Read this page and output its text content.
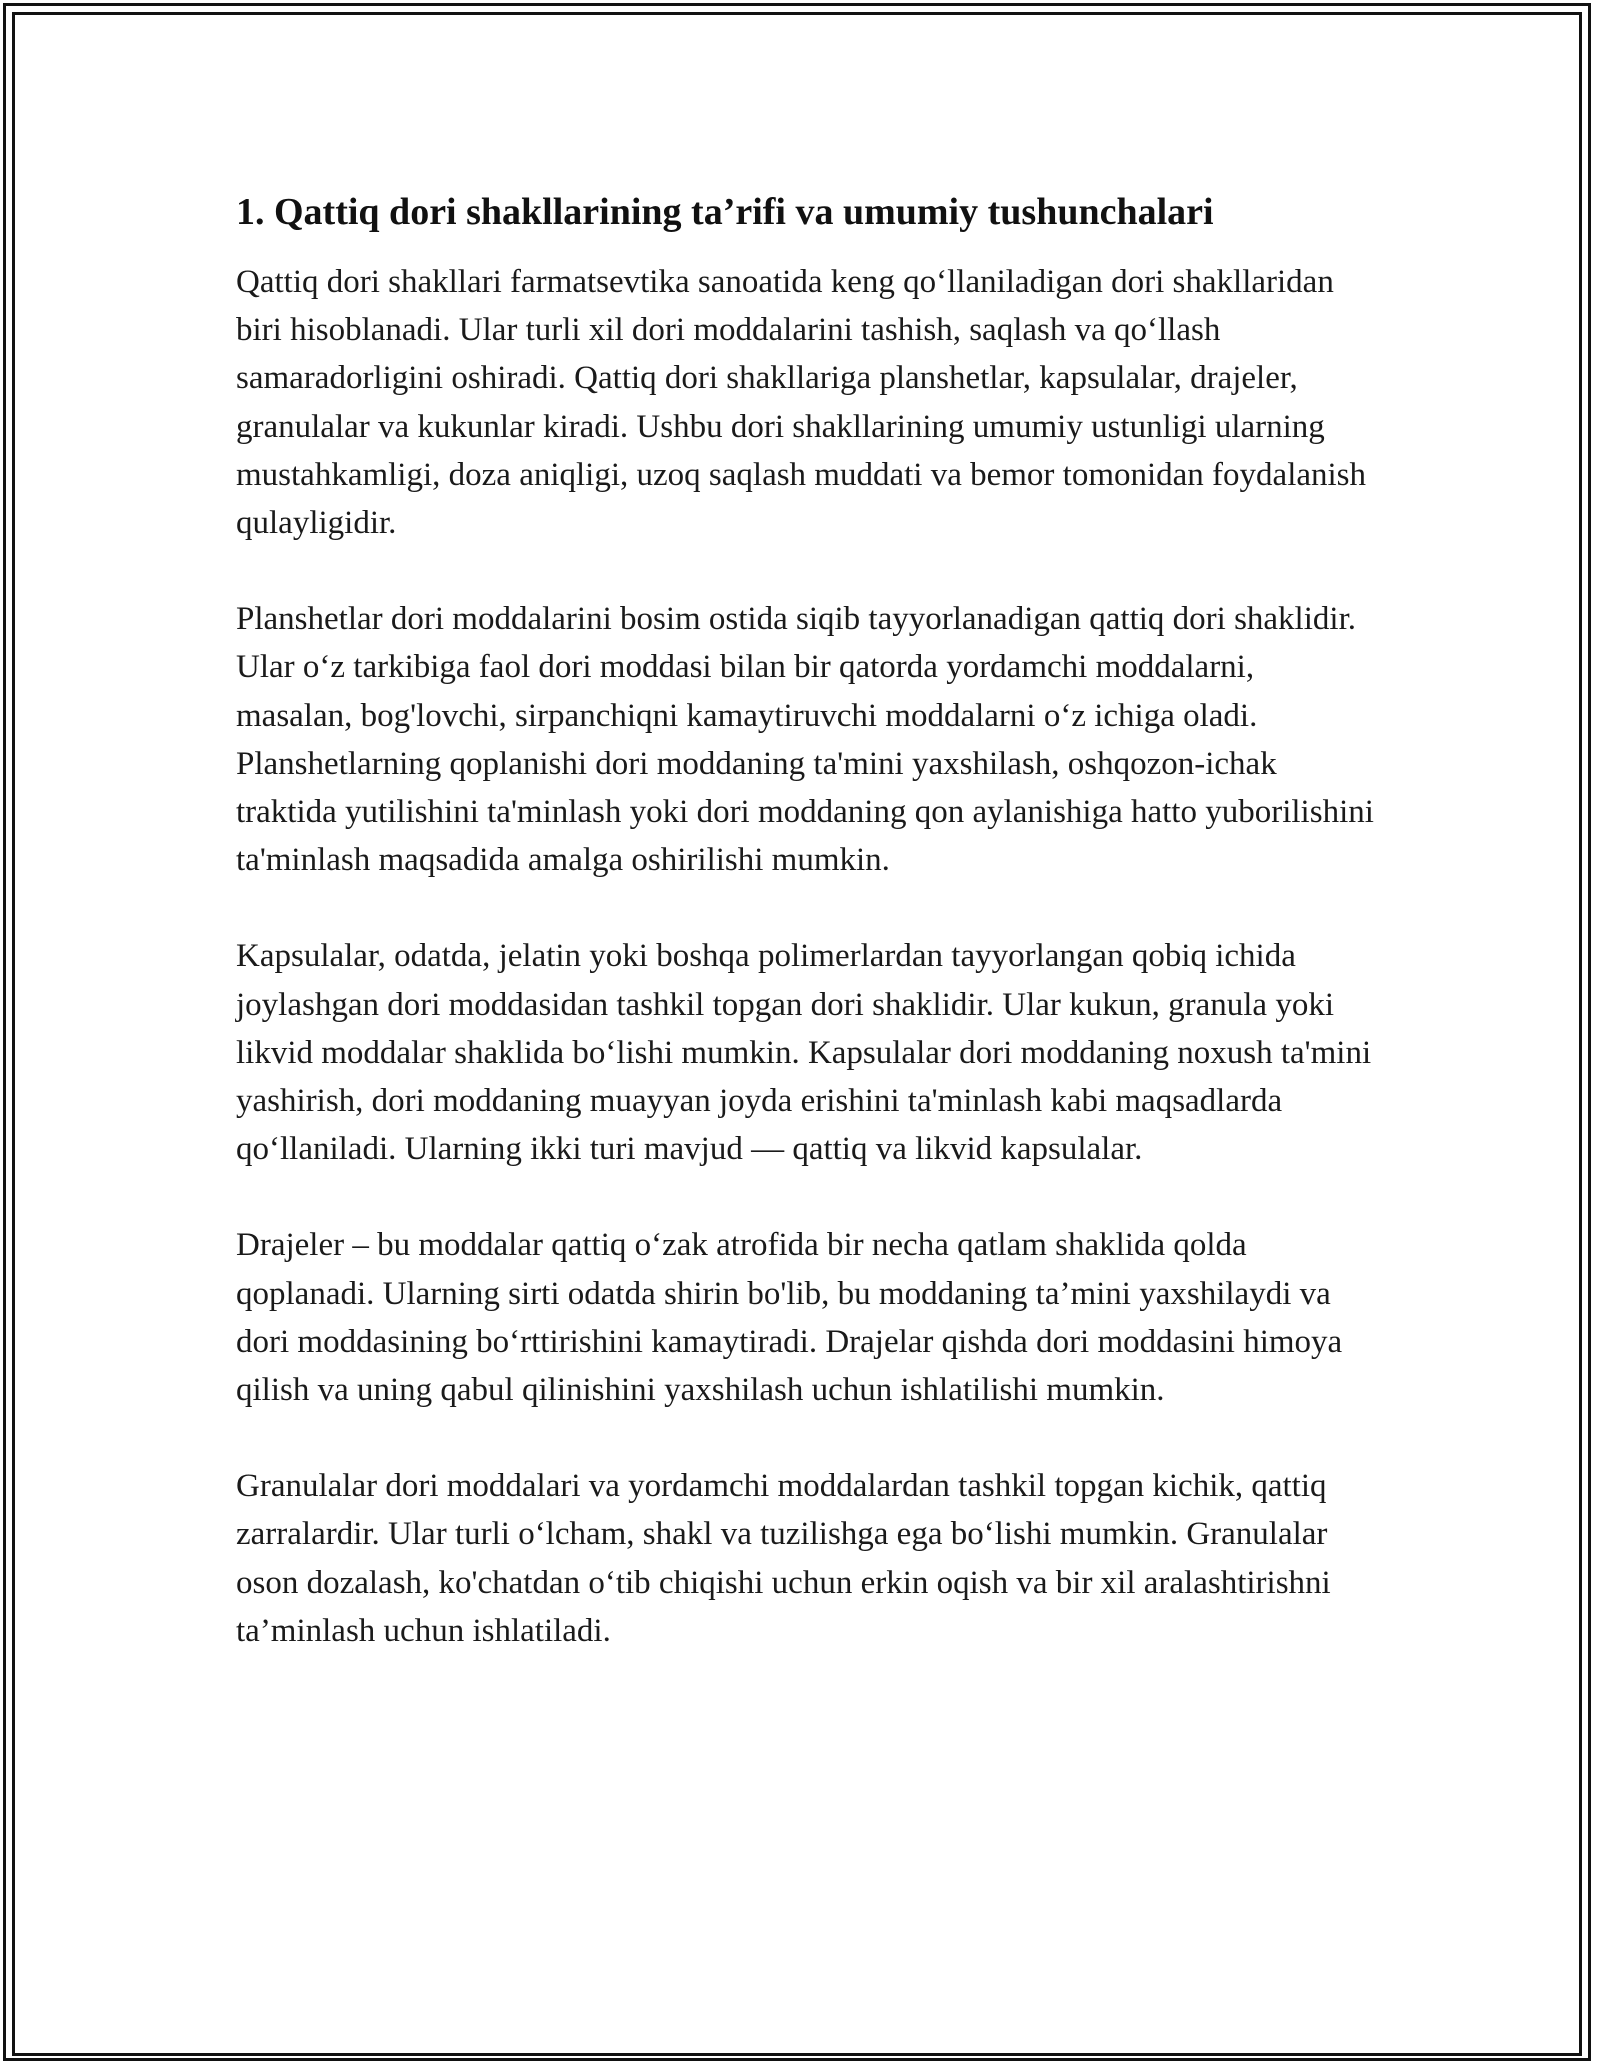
1. Qattiq dori shakllarining ta’rifi va umumiy tushunchalari

Qattiq dori shakllari farmatsevtika sanoatida keng qo‘llaniladigan dori shakllaridan biri hisoblanadi. Ular turli xil dori moddalarini tashish, saqlash va qo‘llash samaradorligini oshiradi. Qattiq dori shakllariga planshetlar, kapsulalar, drajeler, granulalar va kukunlar kiradi. Ushbu dori shakllarining umumiy ustunligi ularning mustahkamligi, doza aniqligi, uzoq saqlash muddati va bemor tomonidan foydalanish qulayligidir.

Planshetlar dori moddalarini bosim ostida siqib tayyorlanadigan qattiq dori shaklidir. Ular o‘z tarkibiga faol dori moddasi bilan bir qatorda yordamchi moddalarni, masalan, bog'lovchi, sirpanchiqni kamaytiruvchi moddalarni o‘z ichiga oladi. Planshetlarning qoplanishi dori moddaning ta'mini yaxshilash, oshqozon-ichak traktida yutilishini ta'minlash yoki dori moddaning qon aylanishiga hatto yuborilishini ta'minlash maqsadida amalga oshirilishi mumkin.

Kapsulalar, odatda, jelatin yoki boshqa polimerlardan tayyorlangan qobiq ichida joylashgan dori moddasidan tashkil topgan dori shaklidir. Ular kukun, granula yoki likvid moddalar shaklida bo‘lishi mumkin. Kapsulalar dori moddaning noxush ta'mini yashirish, dori moddaning muayyan joyda erishini ta'minlash kabi maqsadlarda qo‘llaniladi. Ularning ikki turi mavjud — qattiq va likvid kapsulalar.

Drajeler – bu moddalar qattiq o‘zak atrofida bir necha qatlam shaklida qolda qoplanadi. Ularning sirti odatda shirin bo'lib, bu moddaning ta’mini yaxshilaydi va dori moddasining bo‘rttirishini kamaytiradi. Drajelar qishda dori moddasini himoya qilish va uning qabul qilinishini yaxshilash uchun ishlatilishi mumkin.

Granulalar dori moddalari va yordamchi moddalardan tashkil topgan kichik, qattiq zarralardir. Ular turli o‘lcham, shakl va tuzilishga ega bo‘lishi mumkin. Granulalar oson dozalash, ko'chatdan o‘tib chiqishi uchun erkin oqish va bir xil aralashtirishni ta’minlash uchun ishlatiladi.
